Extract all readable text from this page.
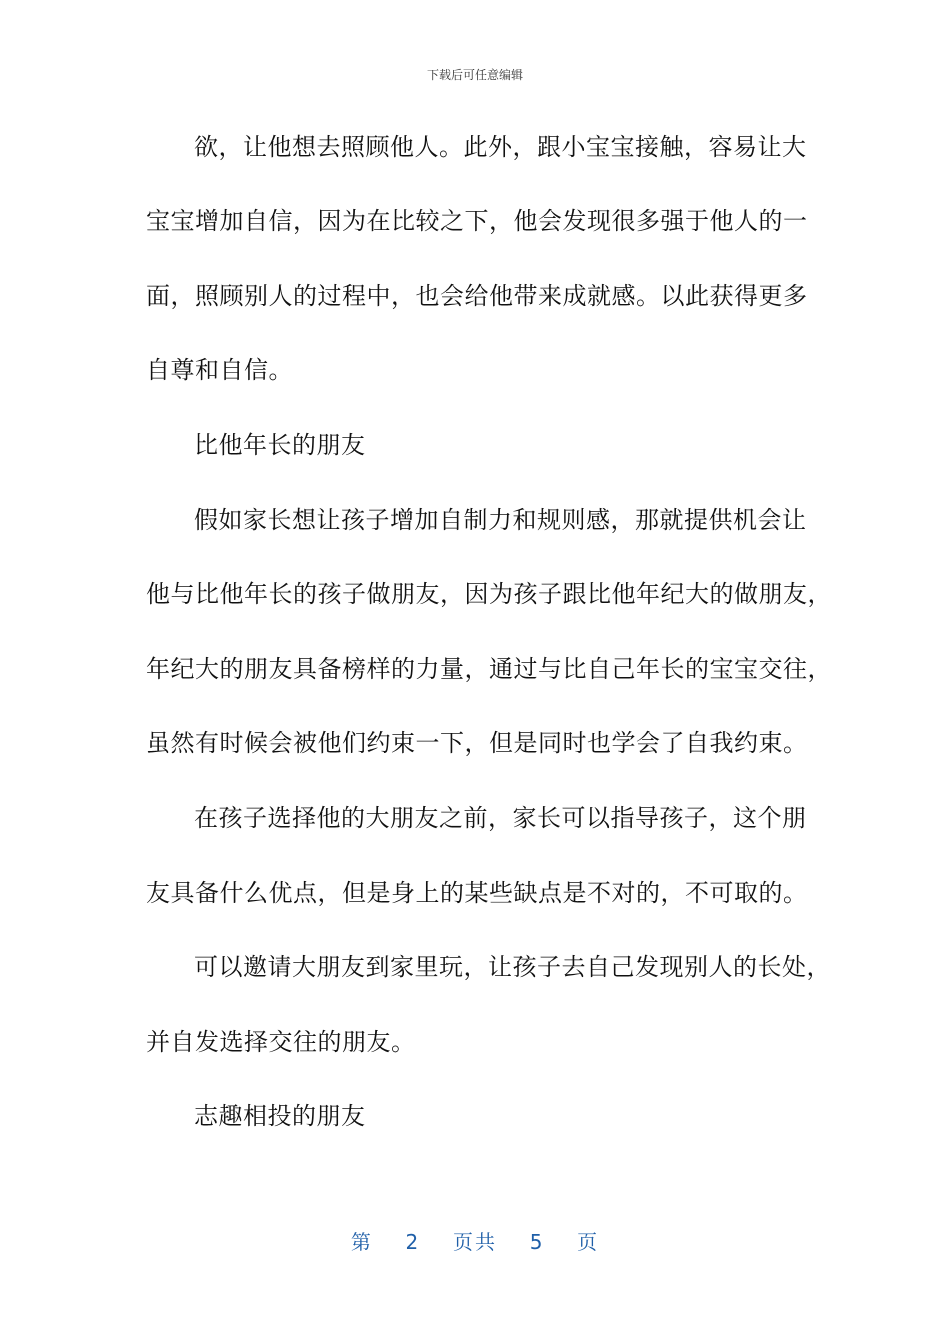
下载后可任意编辑
欲，让他想去照顾他人。此外，跟小宝宝接触，容易让大
宝宝增加自信，因为在比较之下，他会发现很多强于他人的一
面，照顾别人的过程中，也会给他带来成就感。以此获得更多
自尊和自信。
比他年长的朋友
假如家长想让孩子增加自制力和规则感，那就提供机会让
他与比他年长的孩子做朋友，因为孩子跟比他年纪大的做朋友，
年纪大的朋友具备榜样的力量，通过与比自己年长的宝宝交往，
虽然有时候会被他们约束一下，但是同时也学会了自我约束。
在孩子选择他的大朋友之前，家长可以指导孩子，这个朋
友具备什么优点，但是身上的某些缺点是不对的，不可取的。
可以邀请大朋友到家里玩，让孩子去自己发现别人的长处，
并自发选择交往的朋友。
志趣相投的朋友
第 2 页共 5 页
